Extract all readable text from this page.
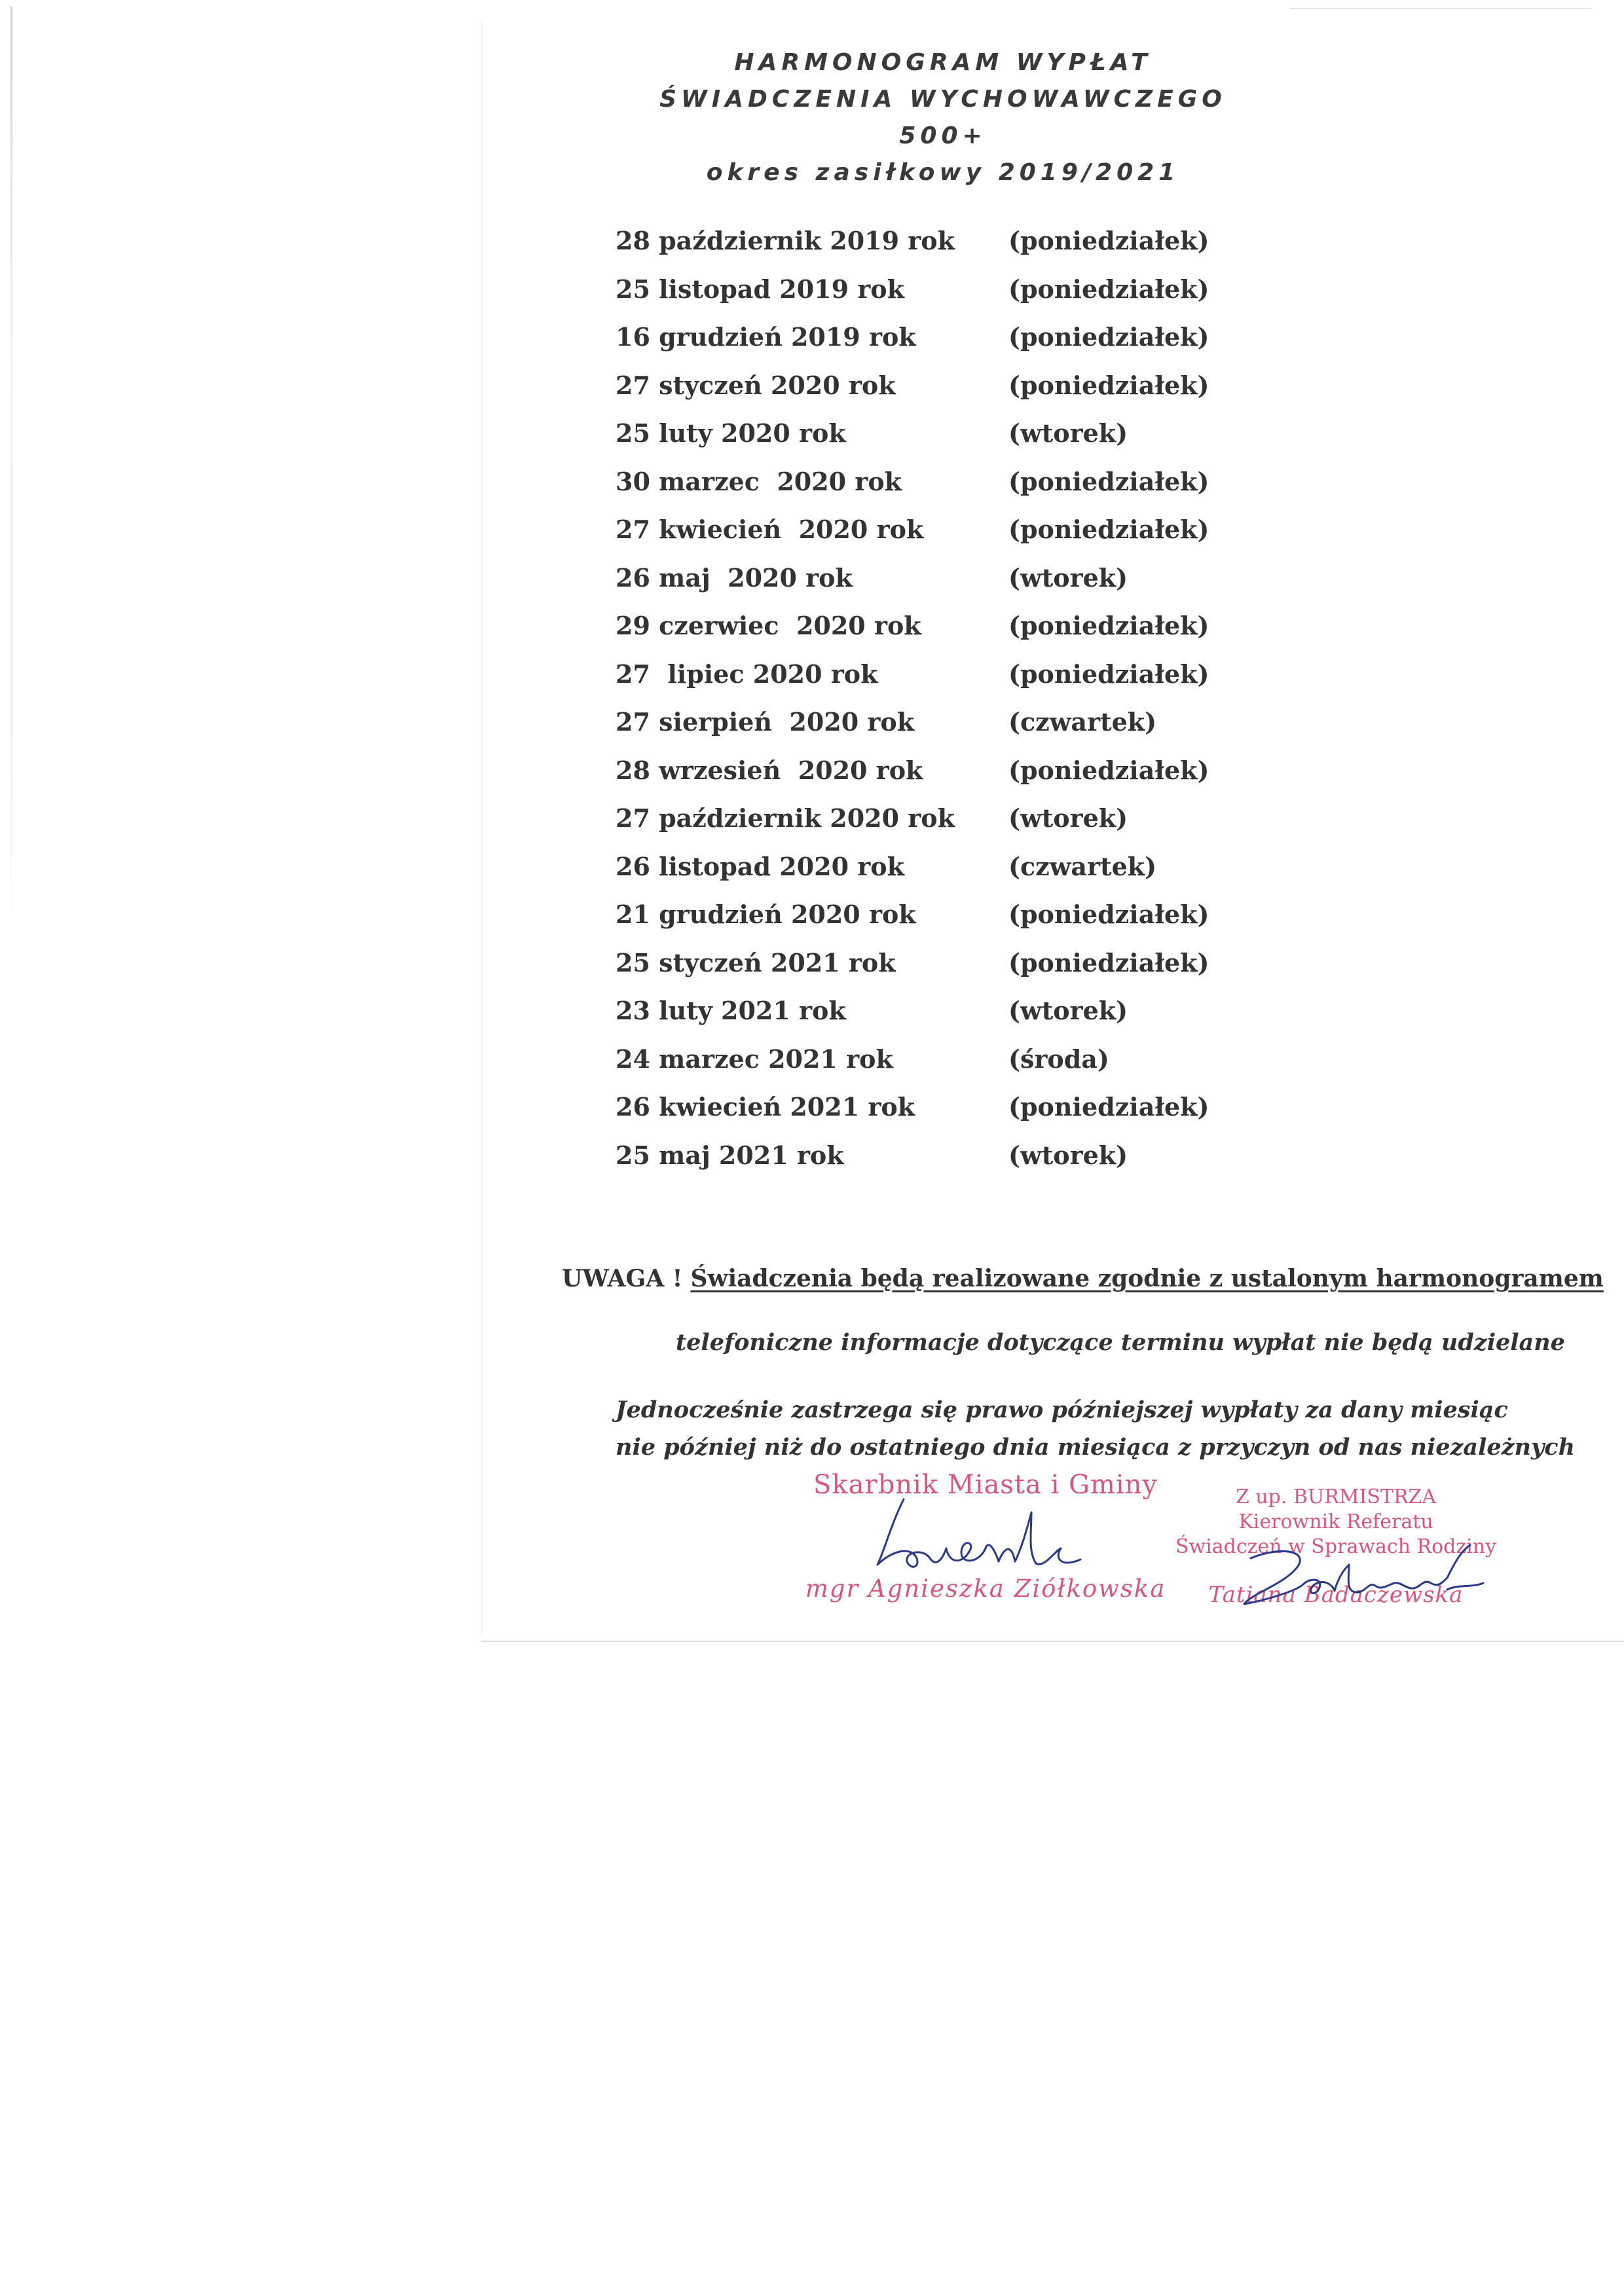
HARMONOGRAM WYPŁAT
ŚWIADCZENIA WYCHOWAWCZEGO
500+
okres zasiłkowy 2019/2021
28 październik 2019 rok (poniedziałek)
25 listopad 2019 rok	(poniedziałek)
16 grudzień 2019 rok	(poniedziałek)
27 styczeń 2020 rok	(poniedziałek)
25 luty 2020 rok	(wtorek)
30 marzec  2020 rok	(poniedziałek)
27 kwiecień  2020 rok	(poniedziałek)
26 maj  2020 rok	(wtorek)
29 czerwiec  2020 rok	(poniedziałek)
27  lipiec 2020 rok	(poniedziałek)
27 sierpień  2020 rok	(czwartek)
28 wrzesień  2020 rok	(poniedziałek)
27 październik 2020 rok (wtorek)
26 listopad 2020 rok	(czwartek)
21 grudzień 2020 rok	(poniedziałek)
25 styczeń 2021 rok	(poniedziałek)
23 luty 2021 rok	(wtorek)
24 marzec 2021 rok	(środa)
26 kwiecień 2021 rok	(poniedziałek)
25 maj 2021 rok	(wtorek)
UWAGA ! Świadczenia będą realizowane zgodnie z ustalonym harmonogramem
telefoniczne informacje dotyczące terminu wypłat nie będą udzielane
Jednocześnie zastrzega się prawo późniejszej wypłaty za dany miesiąc
nie później niż do ostatniego dnia miesiąca z przyczyn od nas niezależnych
Skarbnik Miasta i Gminy
mgr Agnieszka Ziółkowska
Z up. BURMISTRZA
Kierownik Referatu
Świadczeń w Sprawach Rodziny
Tatiana Badaczewska
